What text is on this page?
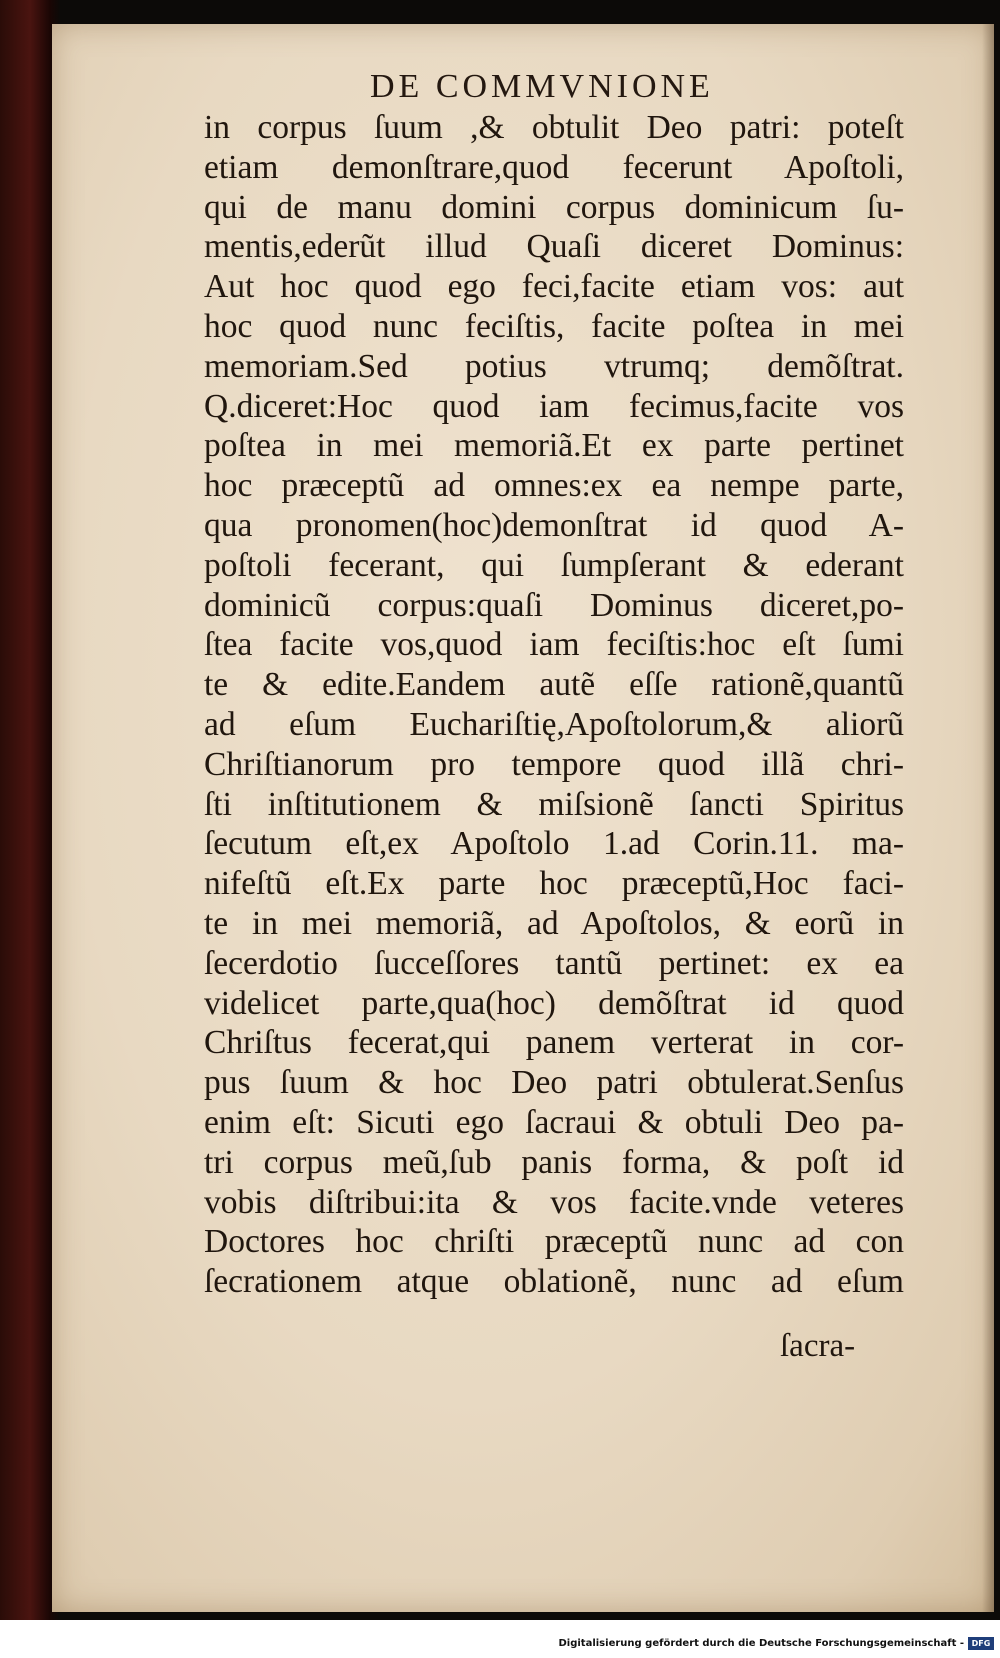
DE COMMVNIONE
in corpus ſuum ,& obtulit Deo patri: poteſt
etiam demonſtrare,quod fecerunt Apoſtoli,
qui de manu domini corpus dominicum ſu-
mentis,ederũt illud Quaſi diceret Dominus:
Aut hoc quod ego feci,facite etiam vos: aut
hoc quod nunc feciſtis, facite poſtea in mei
memoriam.Sed potius vtrumq; demõſtrat.
Q.diceret:Hoc quod iam fecimus,facite vos
poſtea in mei memoriã.Et ex parte pertinet
hoc præceptũ ad omnes:ex ea nempe parte,
qua pronomen(hoc)demonſtrat id quod A-
poſtoli fecerant, qui ſumpſerant & ederant
dominicũ corpus:quaſi Dominus diceret,po-
ſtea facite vos,quod iam feciſtis:hoc eſt ſumi
te & edite.Eandem autẽ eſſe rationẽ,quantũ
ad eſum Euchariſtię,Apoſtolorum,& aliorũ
Chriſtianorum pro tempore quod illã chri-
ſti inſtitutionem & miſsionẽ ſancti Spiritus
ſecutum eſt,ex Apoſtolo 1.ad Corin.11. ma-
nifeſtũ eſt.Ex parte hoc præceptũ,Hoc faci-
te in mei memoriã, ad Apoſtolos, & eorũ in
ſecerdotio ſucceſſores tantũ pertinet: ex ea
videlicet parte,qua(hoc) demõſtrat id quod
Chriſtus fecerat,qui panem verterat in cor-
pus ſuum & hoc Deo patri obtulerat.Senſus
enim eſt: Sicuti ego ſacraui & obtuli Deo pa-
tri corpus meũ,ſub panis forma, & poſt id
vobis diſtribui:ita & vos facite.vnde veteres
Doctores hoc chriſti præceptũ nunc ad con
ſecrationem atque oblationẽ, nunc ad eſum
ſacra-
Digitalisierung gefördert durch die Deutsche Forschungsgemeinschaft - DFG
